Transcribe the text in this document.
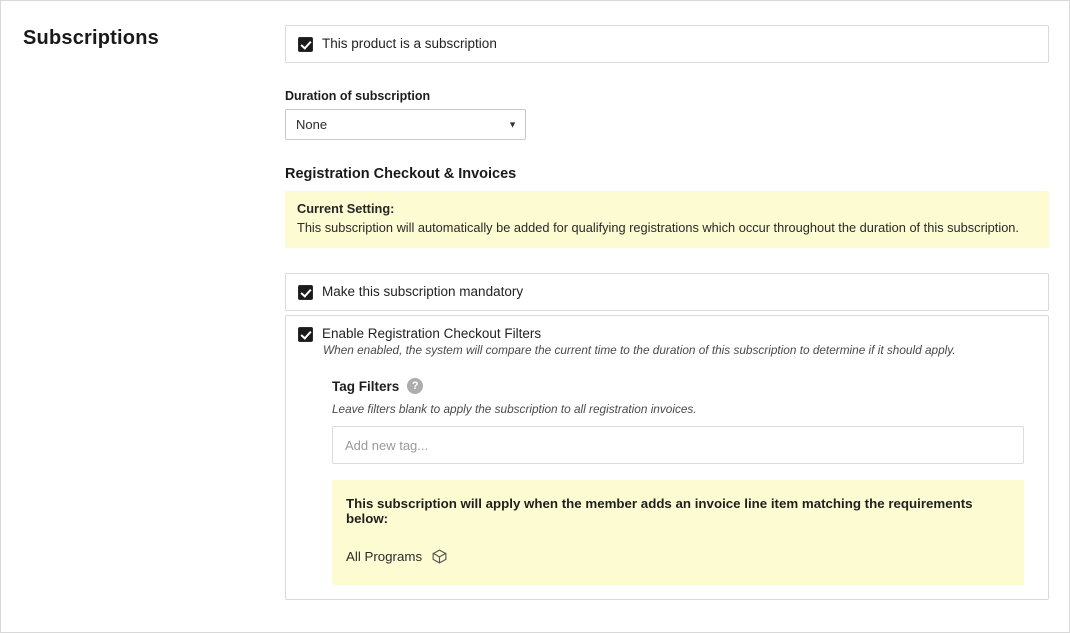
Subscriptions	This product is a subscription
Duration of subscription
None	▼
Registration Checkout & Invoices
Current Setting:
This subscription will automatically be added for qualifying registrations which occur throughout the duration of this subscription.
Make this subscription mandatory
Enable Registration Checkout Filters
When enabled, the system will compare the current time to the duration of this subscription to determine if it should apply.
Tag Filters	?
Leave filters blank to apply the subscription to all registration invoices.
Add new tag...
This subscription will apply when the member adds an invoice line item matching the requirements below:
All Programs
